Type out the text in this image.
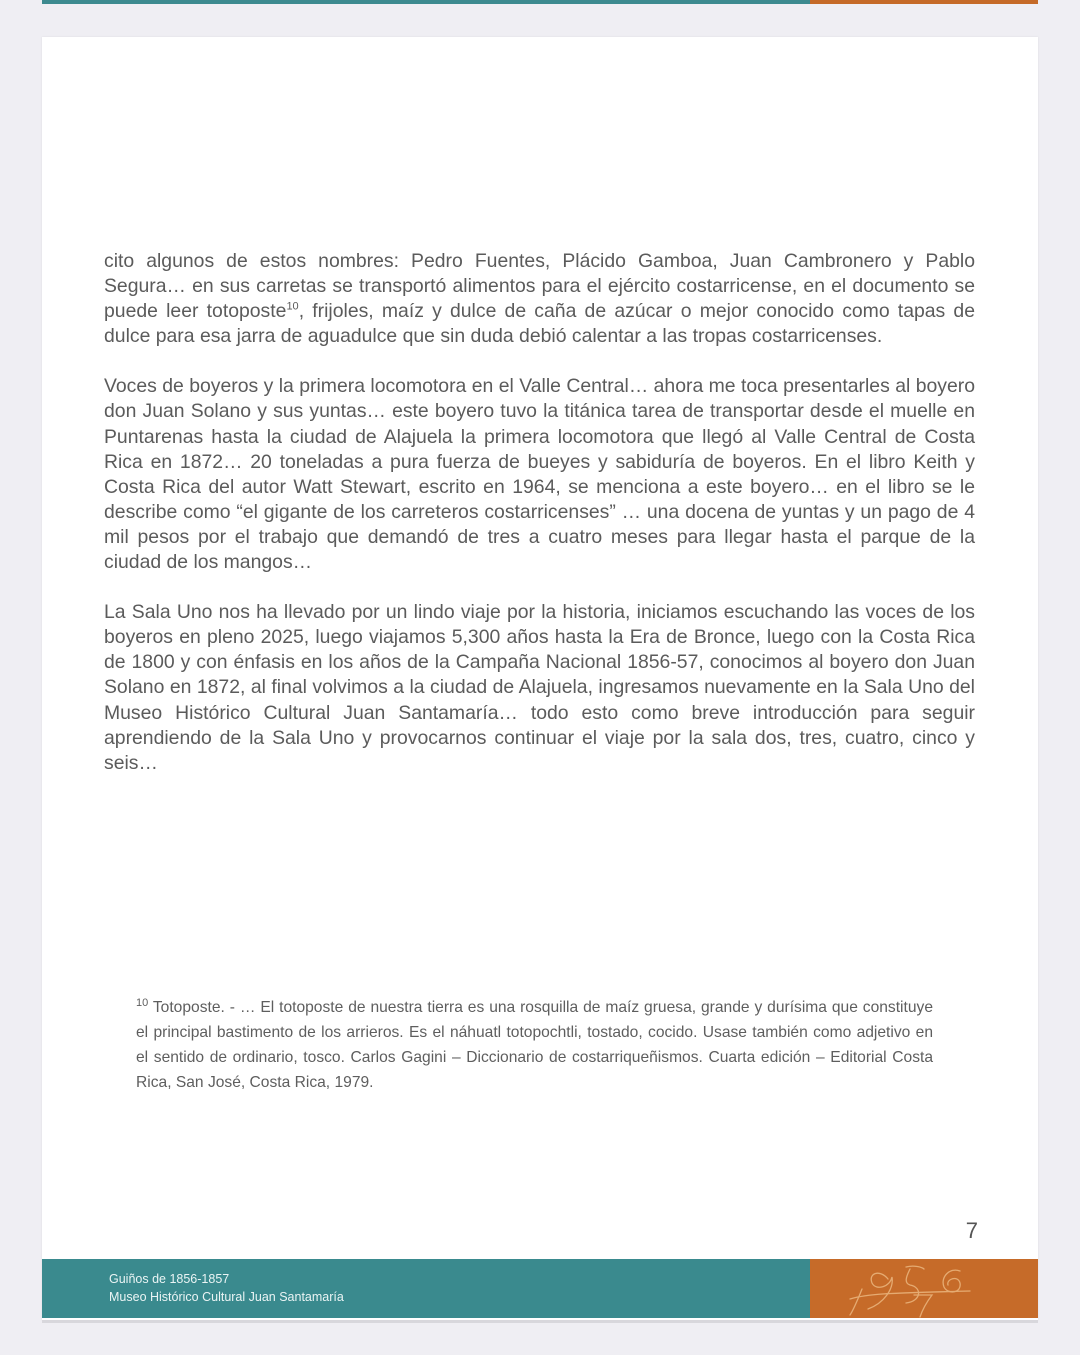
cito algunos de estos nombres: Pedro Fuentes, Plácido Gamboa, Juan Cambronero y Pablo Segura… en sus carretas se transportó alimentos para el ejército costarricense, en el documento se puede leer totoposte$^{10}$, frijoles, maíz y dulce de caña de azúcar o mejor conocido como tapas de dulce para esa jarra de aguadulce que sin duda debió calentar a las tropas costarricenses.

Voces de boyeros y la primera locomotora en el Valle Central… ahora me toca presentarles al boyero don Juan Solano y sus yuntas… este boyero tuvo la titánica tarea de transportar desde el muelle en Puntarenas hasta la ciudad de Alajuela la primera locomotora que llegó al Valle Central de Costa Rica en 1872… 20 toneladas a pura fuerza de bueyes y sabiduría de boyeros. En el libro Keith y Costa Rica del autor Watt Stewart, escrito en 1964, se menciona a este boyero… en el libro se le describe como “el gigante de los carreteros costarricenses” … una docena de yuntas y un pago de 4 mil pesos por el trabajo que demandó de tres a cuatro meses para llegar hasta el parque de la ciudad de los mangos…

La Sala Uno nos ha llevado por un lindo viaje por la historia, iniciamos escuchando las voces de los boyeros en pleno 2025, luego viajamos 5,300 años hasta la Era de Bronce, luego con la Costa Rica de 1800 y con énfasis en los años de la Campaña Nacional 1856-57, conocimos al boyero don Juan Solano en 1872, al final volvimos a la ciudad de Alajuela, ingresamos nuevamente en la Sala Uno del Museo Histórico Cultural Juan Santamaría… todo esto como breve introducción para seguir aprendiendo de la Sala Uno y provocarnos continuar el viaje por la sala dos, tres, cuatro, cinco y seis…

$^{10}$ Totoposte. - … El totoposte de nuestra tierra es una rosquilla de maíz gruesa, grande y durísima que constituye el principal bastimento de los arrieros. Es el náhuatl totopochtli, tostado, cocido. Usase también como adjetivo en el sentido de ordinario, tosco. Carlos Gagini – Diccionario de costarriqueñismos. Cuarta edición – Editorial Costa Rica, San José, Costa Rica, 1979.
7
Guiños de 1856-1857
Museo Histórico Cultural Juan Santamaría
